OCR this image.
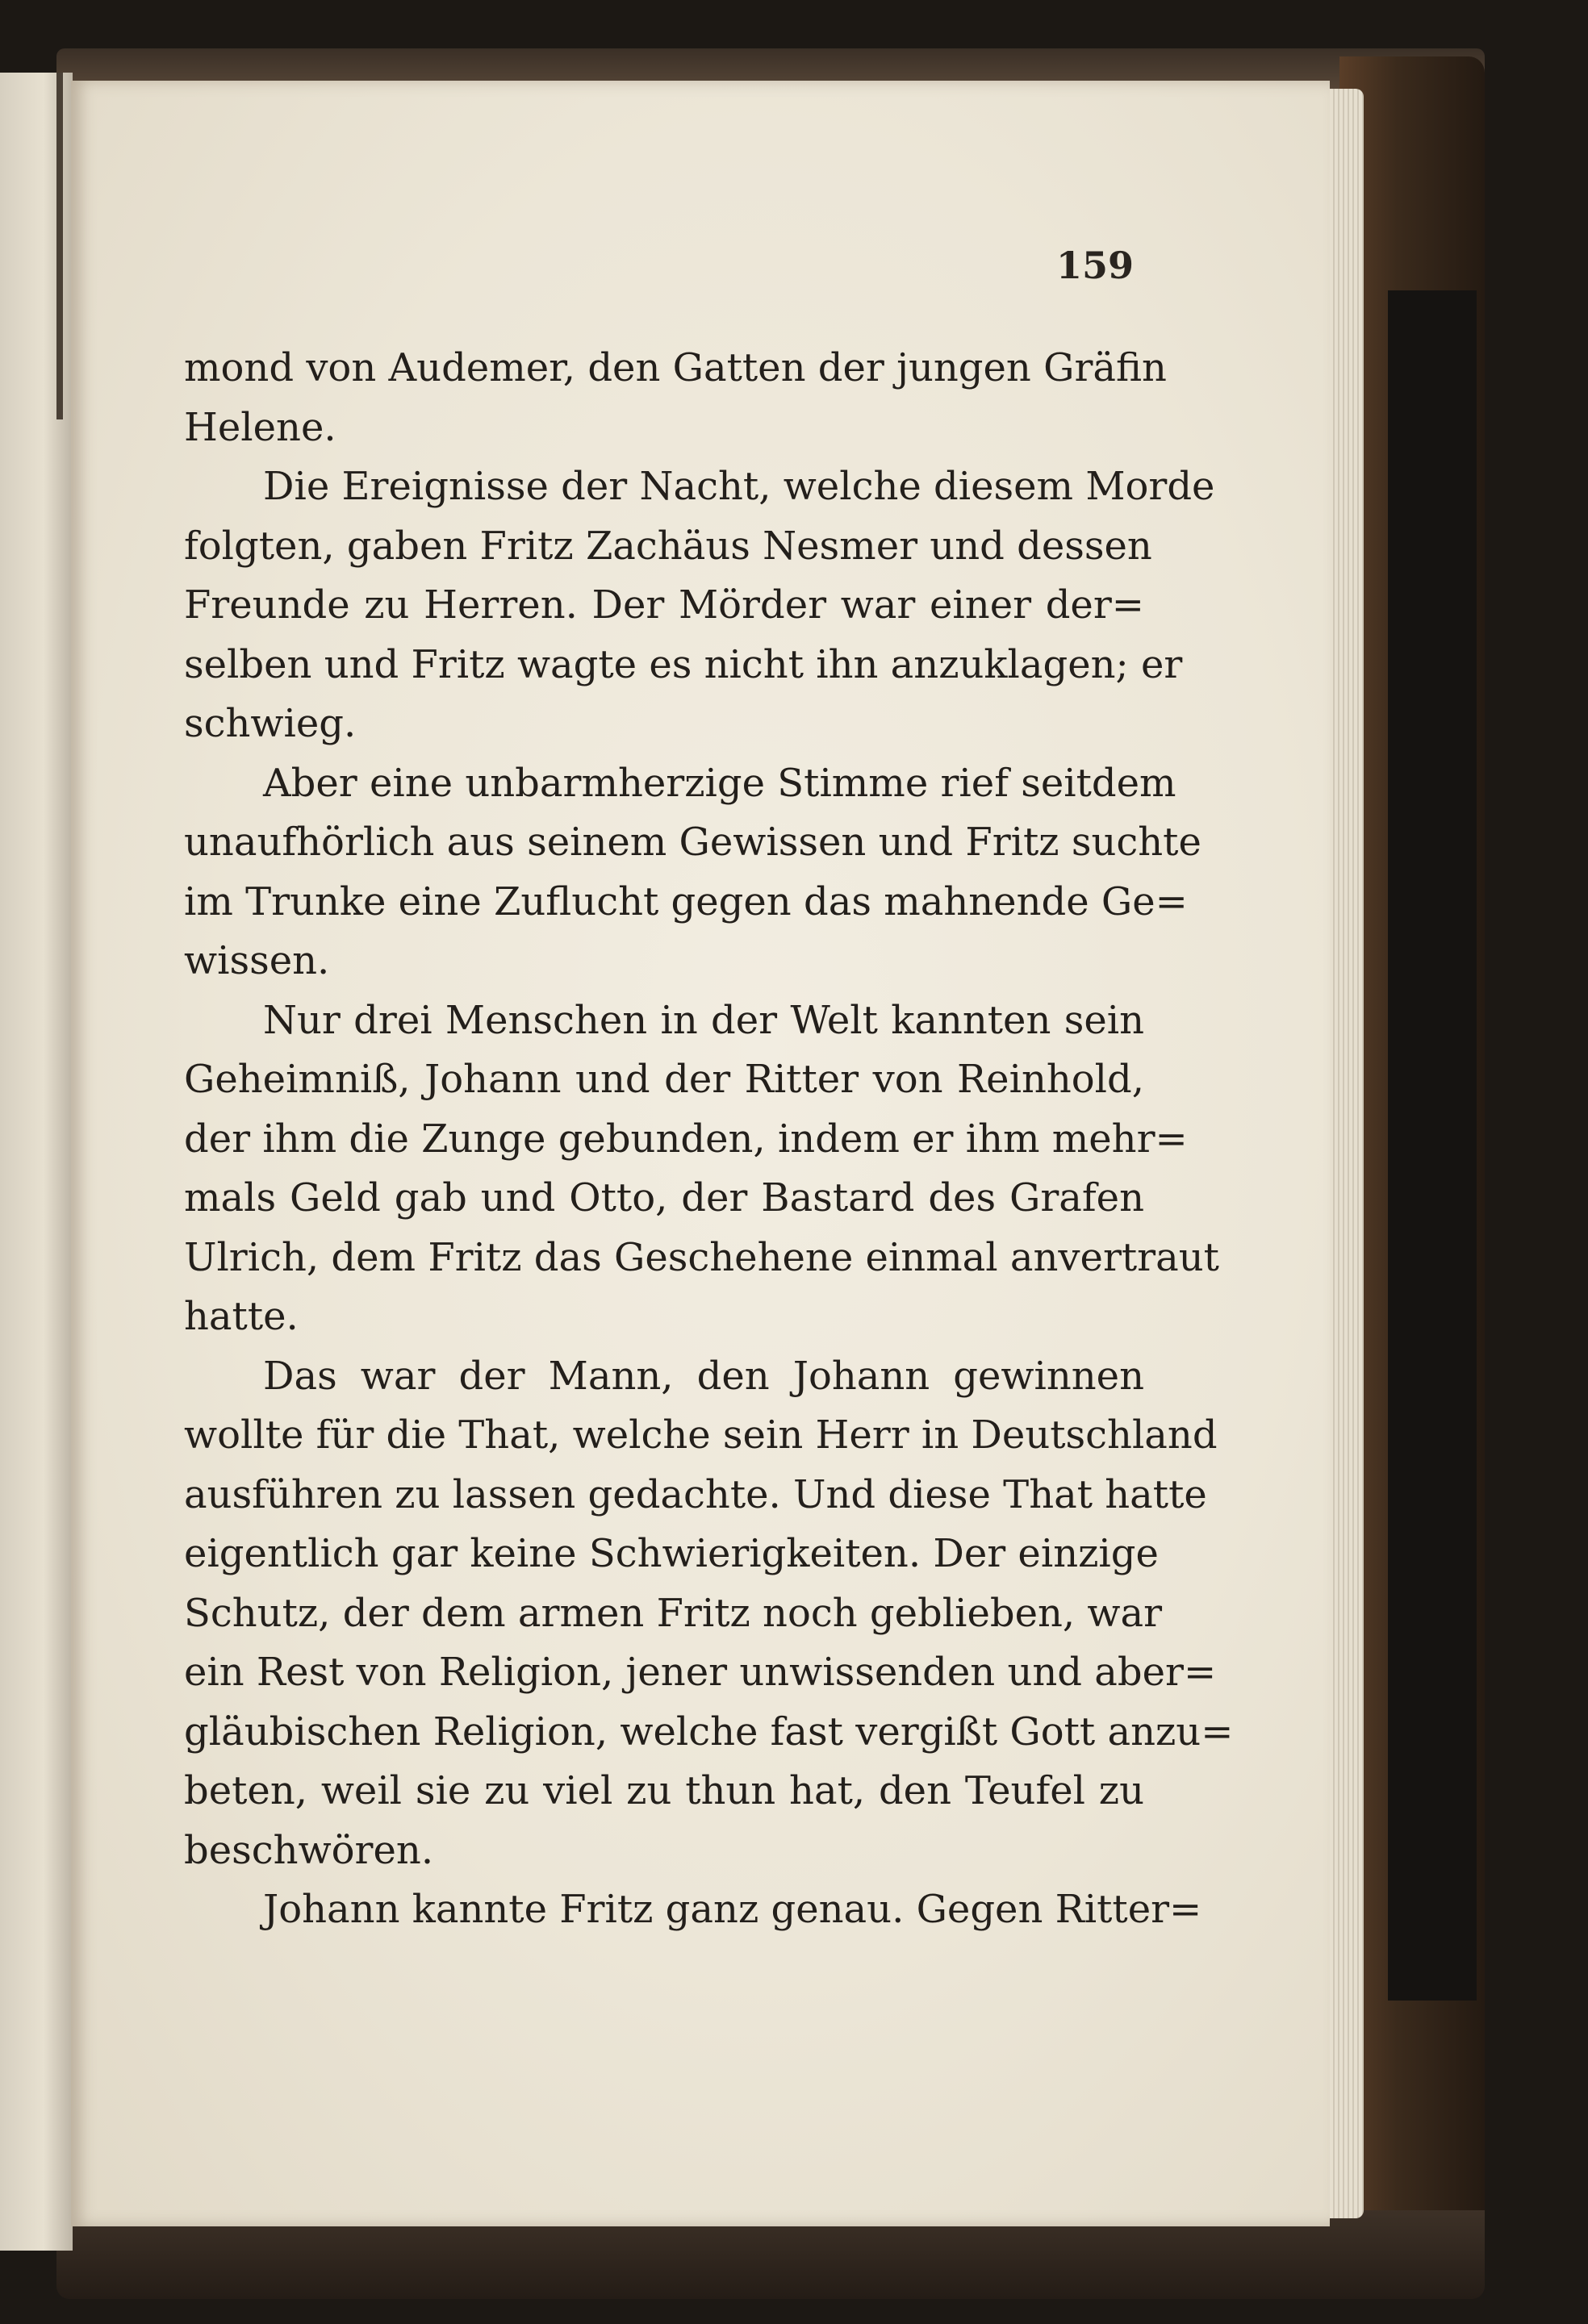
159
mond von Audemer, den Gatten der jungen Gräfin
Helene.
Die Ereignisse der Nacht, welche diesem Morde
folgten, gaben Fritz Zachäus Nesmer und dessen
Freunde zu Herren. Der Mörder war einer der=
selben und Fritz wagte es nicht ihn anzuklagen; er
schwieg.
Aber eine unbarmherzige Stimme rief seitdem
unaufhörlich aus seinem Gewissen und Fritz suchte
im Trunke eine Zuflucht gegen das mahnende Ge=
wissen.
Nur drei Menschen in der Welt kannten sein
Geheimniß, Johann und der Ritter von Reinhold,
der ihm die Zunge gebunden, indem er ihm mehr=
mals Geld gab und Otto, der Bastard des Grafen
Ulrich, dem Fritz das Geschehene einmal anvertraut
hatte.
Das war der Mann, den Johann gewinnen
wollte für die That, welche sein Herr in Deutschland
ausführen zu lassen gedachte. Und diese That hatte
eigentlich gar keine Schwierigkeiten. Der einzige
Schutz, der dem armen Fritz noch geblieben, war
ein Rest von Religion, jener unwissenden und aber=
gläubischen Religion, welche fast vergißt Gott anzu=
beten, weil sie zu viel zu thun hat, den Teufel zu
beschwören.
Johann kannte Fritz ganz genau. Gegen Ritter=
